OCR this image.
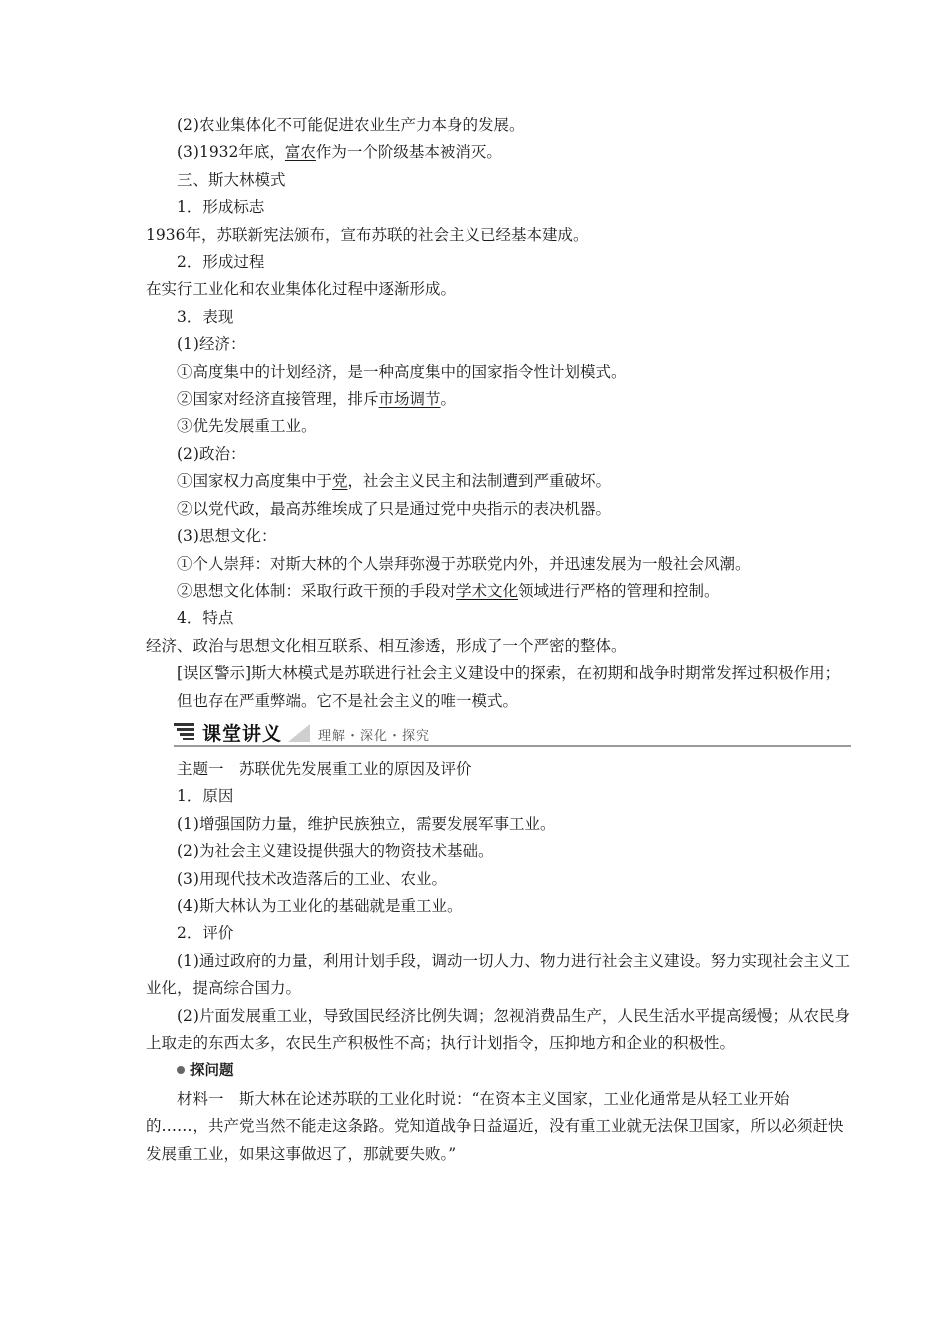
(2)农业集体化不可能促进农业生产力本身的发展。
(3)1932年底，富农作为一个阶级基本被消灭。
三、斯大林模式
1．形成标志
1936年，苏联新宪法颁布，宣布苏联的社会主义已经基本建成。
2．形成过程
在实行工业化和农业集体化过程中逐渐形成。
3．表现
(1)经济：
①高度集中的计划经济，是一种高度集中的国家指令性计划模式。
②国家对经济直接管理，排斥市场调节。
③优先发展重工业。
(2)政治：
①国家权力高度集中于党，社会主义民主和法制遭到严重破坏。
②以党代政，最高苏维埃成了只是通过党中央指示的表决机器。
(3)思想文化：
①个人崇拜：对斯大林的个人崇拜弥漫于苏联党内外，并迅速发展为一般社会风潮。
②思想文化体制：采取行政干预的手段对学术文化领域进行严格的管理和控制。
4．特点
经济、政治与思想文化相互联系、相互渗透，形成了一个严密的整体。
[误区警示]斯大林模式是苏联进行社会主义建设中的探索，在初期和战争时期常发挥过积极作用；但也存在严重弊端。它不是社会主义的唯一模式。
课堂讲义	理解・深化・探究
主题一　苏联优先发展重工业的原因及评价
1．原因
(1)增强国防力量，维护民族独立，需要发展军事工业。
(2)为社会主义建设提供强大的物资技术基础。
(3)用现代技术改造落后的工业、农业。
(4)斯大林认为工业化的基础就是重工业。
2．评价
(1)通过政府的力量，利用计划手段，调动一切人力、物力进行社会主义建设。努力实现社会主义工业化，提高综合国力。
(2)片面发展重工业，导致国民经济比例失调；忽视消费品生产，人民生活水平提高缓慢；从农民身上取走的东西太多，农民生产积极性不高；执行计划指令，压抑地方和企业的积极性。
探问题
材料一　斯大林在论述苏联的工业化时说：“在资本主义国家，工业化通常是从轻工业开始的……，共产党当然不能走这条路。党知道战争日益逼近，没有重工业就无法保卫国家，所以必须赶快发展重工业，如果这事做迟了，那就要失败。”
